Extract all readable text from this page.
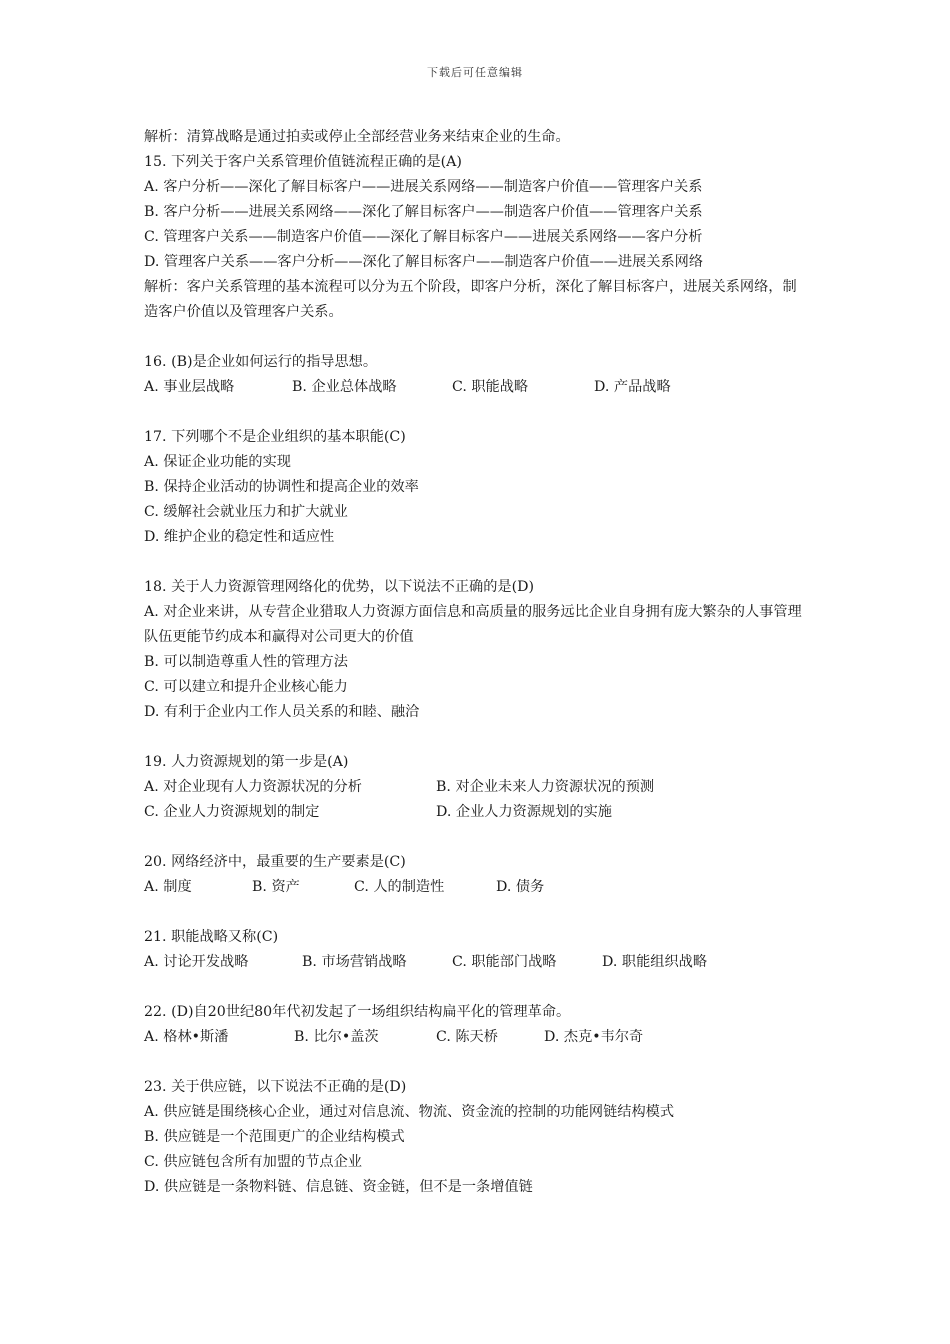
下载后可任意编辑
解析：清算战略是通过拍卖或停止全部经营业务来结束企业的生命。
15. 下列关于客户关系管理价值链流程正确的是(A)
A. 客户分析——深化了解目标客户——进展关系网络——制造客户价值——管理客户关系
B. 客户分析——进展关系网络——深化了解目标客户——制造客户价值——管理客户关系
C. 管理客户关系——制造客户价值——深化了解目标客户——进展关系网络——客户分析
D. 管理客户关系——客户分析——深化了解目标客户——制造客户价值——进展关系网络
解析：客户关系管理的基本流程可以分为五个阶段，即客户分析，深化了解目标客户，进展关系网络，制造客户价值以及管理客户关系。
16. (B)是企业如何运行的指导思想。
A. 事业层战略	B. 企业总体战略	C. 职能战略	D. 产品战略
17. 下列哪个不是企业组织的基本职能(C)
A. 保证企业功能的实现
B. 保持企业活动的协调性和提高企业的效率
C. 缓解社会就业压力和扩大就业
D. 维护企业的稳定性和适应性
18. 关于人力资源管理网络化的优势，以下说法不正确的是(D)
A. 对企业来讲，从专营企业猎取人力资源方面信息和高质量的服务远比企业自身拥有庞大繁杂的人事管理队伍更能节约成本和赢得对公司更大的价值
B. 可以制造尊重人性的管理方法
C. 可以建立和提升企业核心能力
D. 有利于企业内工作人员关系的和睦、融洽
19. 人力资源规划的第一步是(A)
A. 对企业现有人力资源状况的分析	B. 对企业未来人力资源状况的预测
C. 企业人力资源规划的制定	D. 企业人力资源规划的实施
20. 网络经济中，最重要的生产要素是(C)
A. 制度	B. 资产	C. 人的制造性	D. 债务
21. 职能战略又称(C)
A. 讨论开发战略	B. 市场营销战略	C. 职能部门战略	D. 职能组织战略
22. (D)自20世纪80年代初发起了一场组织结构扁平化的管理革命。
A. 格林•斯潘	B. 比尔•盖茨	C. 陈天桥	D. 杰克•韦尔奇
23. 关于供应链，以下说法不正确的是(D)
A. 供应链是围绕核心企业，通过对信息流、物流、资金流的控制的功能网链结构模式
B. 供应链是一个范围更广的企业结构模式
C. 供应链包含所有加盟的节点企业
D. 供应链是一条物料链、信息链、资金链，但不是一条增值链
